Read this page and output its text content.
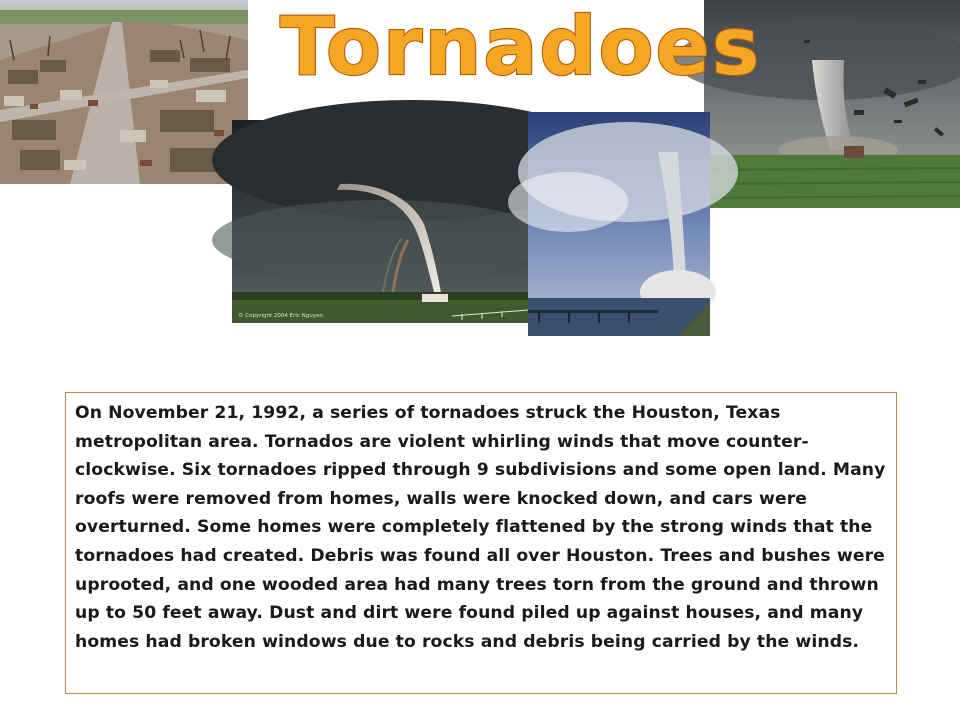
© Copyright 2004 Eric Nguyen
Tornadoes

On November 21, 1992, a series of tornadoes struck the Houston, Texas metropolitan area. Tornados are violent whirling winds that move counter-clockwise. Six tornadoes ripped through 9 subdivisions and some open land. Many roofs were removed from homes, walls were knocked down, and cars were overturned. Some homes were completely flattened by the strong winds that the tornadoes had created. Debris was found all over Houston. Trees and bushes were uprooted, and one wooded area had many trees torn from the ground and thrown up to 50 feet away. Dust and dirt were found piled up against houses, and many homes had broken windows due to rocks and debris being carried by the winds.
